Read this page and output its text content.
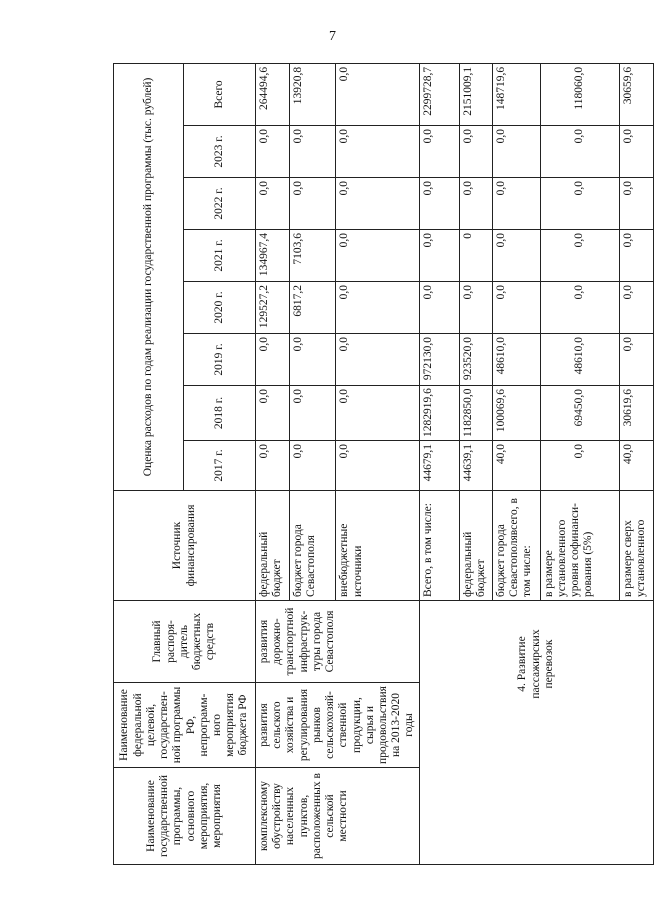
7
Наименование государственной программы, основного мероприятия, мероприятия	Наименование федеральной целевой, государствен-ной программы РФ, непрограмм-ного мероприятия бюджета РФ	Главный распоря-дитель бюджетных средств	Источник финансирования	Оценка расходов по годам реализации государственной программы (тыс. рублей)							
				2017 г.	2018 г.	2019 г.	2020 г.	2021 г.	2022 г.	2023 г.	Всего
комплексному обустройству населенных пунктов, расположенных в сельской местности	развития сельского хозяйства и регулирования рынков сельскохозяй-ственной продукции, сырья и продовольствия на 2013-2020 годы	развития дорожно-транспортной инфраструк-туры города Севастополя	федеральный бюджет	0,0	0,0	0,0	129527,2	134967,4	0,0	0,0	264494,6
			бюджет города Севастополя	0,0	0,0	0,0	6817,2	7103,6	0,0	0,0	13920,8
			внебюджетные источники	0,0	0,0	0,0	0,0	0,0	0,0	0,0	0,0
4. Развитие пассажирских перевозок			Всего, в том числе:	44679,1	1282919,6	972130,0	0,0	0,0	0,0	0,0	2299728,7
			федеральный бюджет	44639,1	1182850,0	923520,0	0,0	0	0,0	0,0	2151009,1
			бюджет города Севастополявсего, в том числе:	40,0	100069,6	48610,0	0,0	0,0	0,0	0,0	148719,6
			в размере установленного уровня софинанси-рования (5%)	0,0	69450,0	48610,0	0,0	0,0	0,0	0,0	118060,0
			в размере сверх установленного	40,0	30619,6	0,0	0,0	0,0	0,0	0,0	30659,6
